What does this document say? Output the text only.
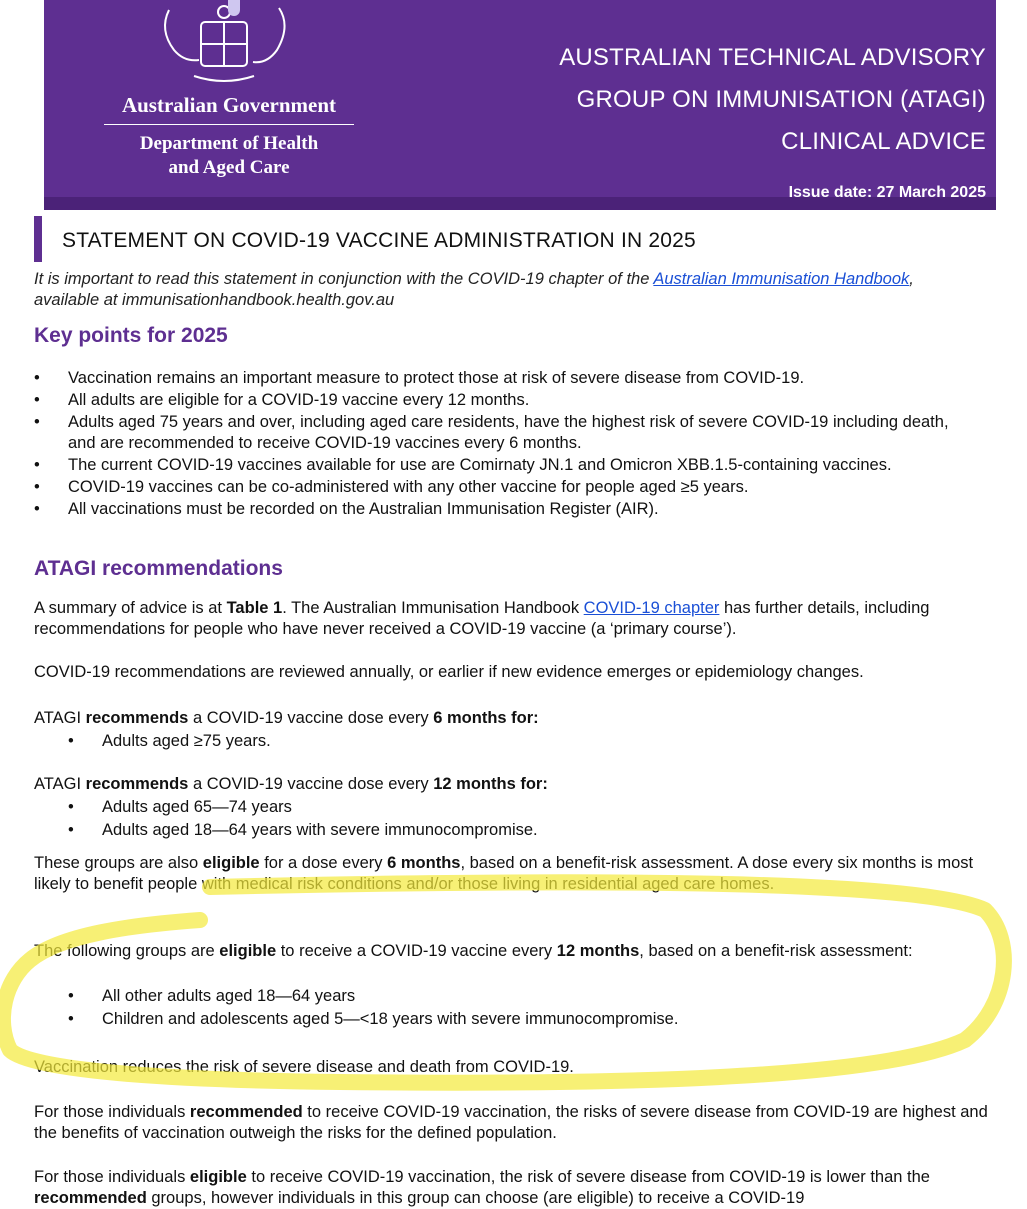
Australian Government
Department of Health
and Aged Care
AUSTRALIAN TECHNICAL ADVISORY
GROUP ON IMMUNISATION (ATAGI)
CLINICAL ADVICE
Issue date: 27 March 2025
STATEMENT ON COVID-19 VACCINE ADMINISTRATION IN 2025
It is important to read this statement in conjunction with the COVID-19 chapter of the Australian Immunisation Handbook, available at immunisationhandbook.health.gov.au
Key points for 2025
• Vaccination remains an important measure to protect those at risk of severe disease from COVID-19.
• All adults are eligible for a COVID-19 vaccine every 12 months.
• Adults aged 75 years and over, including aged care residents, have the highest risk of severe COVID-19 including death, and are recommended to receive COVID-19 vaccines every 6 months.
• The current COVID-19 vaccines available for use are Comirnaty JN.1 and Omicron XBB.1.5-containing vaccines.
• COVID-19 vaccines can be co-administered with any other vaccine for people aged ≥5 years.
• All vaccinations must be recorded on the Australian Immunisation Register (AIR).
ATAGI recommendations
A summary of advice is at Table 1. The Australian Immunisation Handbook COVID-19 chapter has further details, including recommendations for people who have never received a COVID-19 vaccine (a ‘primary course’).
COVID-19 recommendations are reviewed annually, or earlier if new evidence emerges or epidemiology changes.
ATAGI recommends a COVID-19 vaccine dose every 6 months for:
• Adults aged ≥75 years.
ATAGI recommends a COVID-19 vaccine dose every 12 months for:
• Adults aged 65—74 years
• Adults aged 18—64 years with severe immunocompromise.
These groups are also eligible for a dose every 6 months, based on a benefit-risk assessment. A dose every six months is most likely to benefit people with medical risk conditions and/or those living in residential aged care homes.
The following groups are eligible to receive a COVID-19 vaccine every 12 months, based on a benefit-risk assessment:
• All other adults aged 18—64 years
• Children and adolescents aged 5—<18 years with severe immunocompromise.
Vaccination reduces the risk of severe disease and death from COVID-19.
For those individuals recommended to receive COVID-19 vaccination, the risks of severe disease from COVID-19 are highest and the benefits of vaccination outweigh the risks for the defined population.
For those individuals eligible to receive COVID-19 vaccination, the risk of severe disease from COVID-19 is lower than the recommended groups, however individuals in this group can choose (are eligible) to receive a COVID-19
